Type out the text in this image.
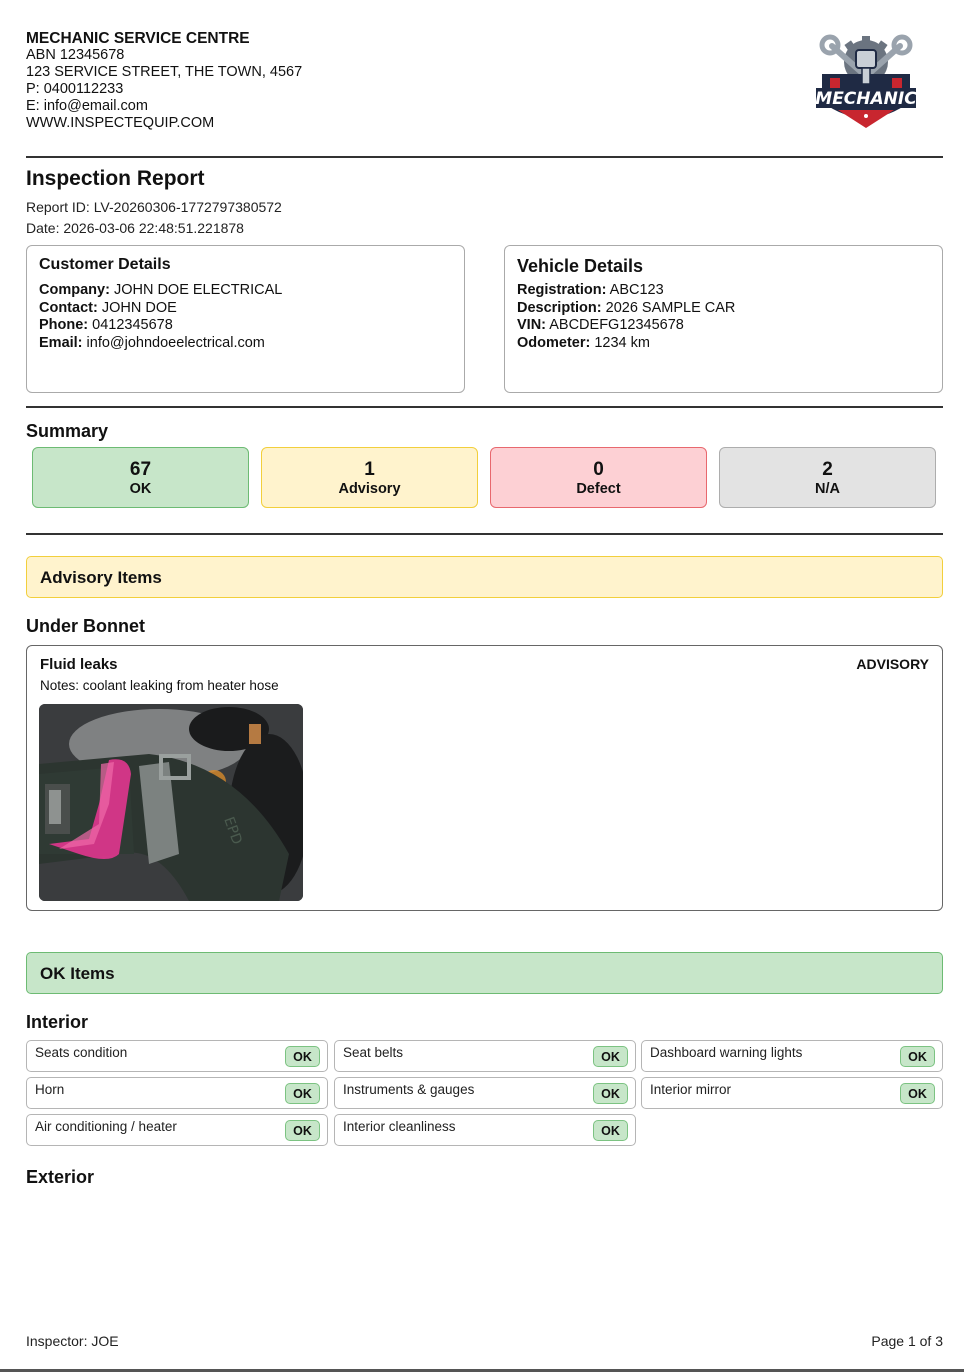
MECHANIC SERVICE CENTRE
ABN 12345678
123 SERVICE STREET, THE TOWN, 4567
P: 0400112233
E: info@email.com
WWW.INSPECTEQUIP.COM
MECHANIC
Inspection Report
Report ID: LV-20260306-1772797380572
Date: 2026-03-06 22:48:51.221878
Customer Details
Company: JOHN DOE ELECTRICAL
Contact: JOHN DOE
Phone: 0412345678
Email: info@johndoeelectrical.com
Vehicle Details
Registration: ABC123
Description: 2026 SAMPLE CAR
VIN: ABCDEFG12345678
Odometer: 1234 km
Summary
67
OK
1
Advisory
0
Defect
2
N/A
Advisory Items
Under Bonnet
Fluid leaks	ADVISORY
Notes: coolant leaking from heater hose
EPD
OK Items
Interior
Seats condition	OK	Seat belts	OK	Dashboard warning lights	OK
Horn	OK	Instruments & gauges	OK	Interior mirror	OK
Air conditioning / heater	OK	Interior cleanliness	OK
Exterior
Inspector: JOE	Page 1 of 3
